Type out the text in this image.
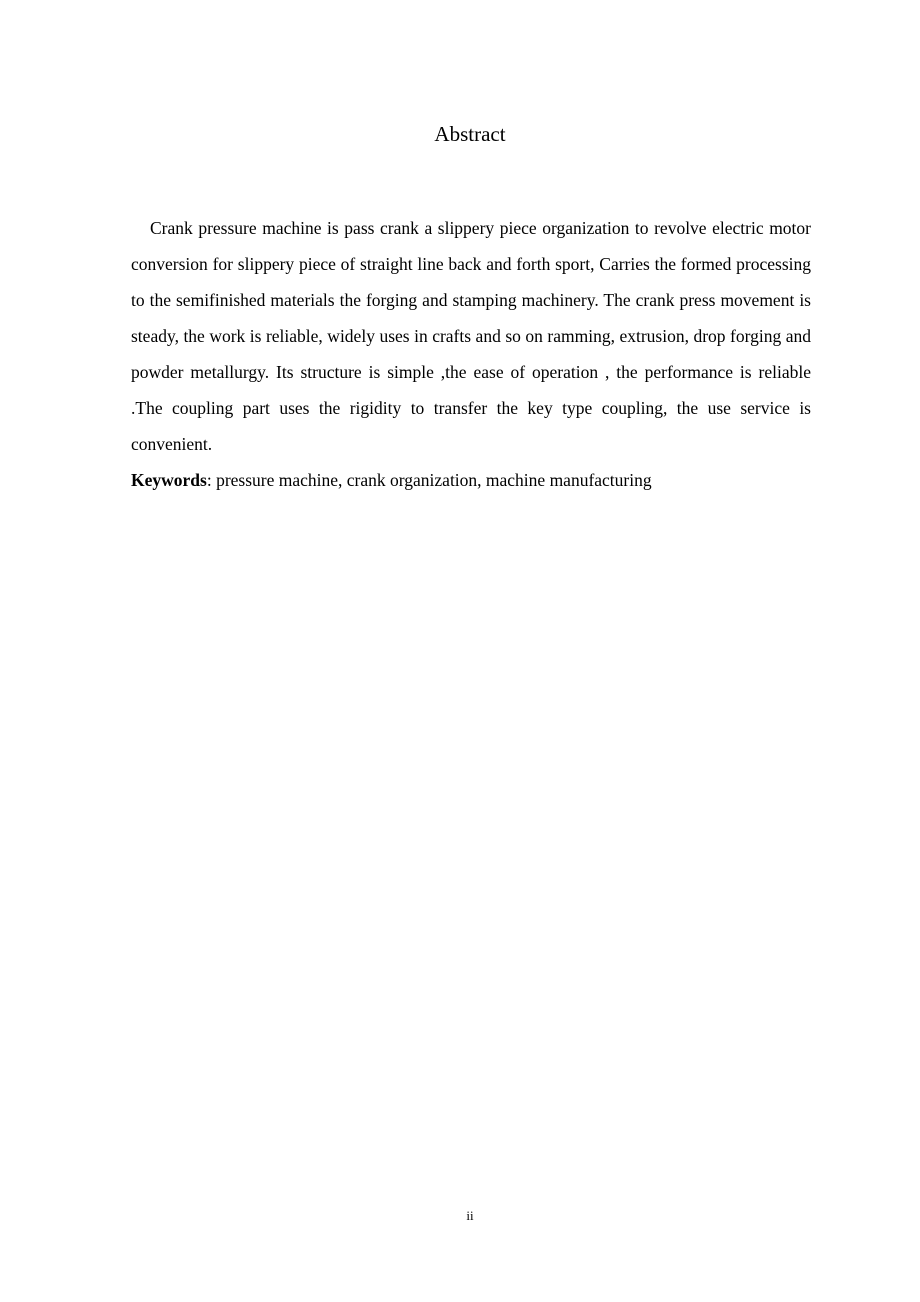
Abstract

Crank pressure machine is pass crank a slippery piece organization to revolve electric motor conversion for slippery piece of straight line back and forth sport, Carries the formed processing to the semifinished materials the forging and stamping machinery. The crank press movement is steady, the work is reliable, widely uses in crafts and so on ramming, extrusion, drop forging and powder metallurgy. Its structure is simple ,the ease of operation , the performance is reliable .The coupling part uses the rigidity to transfer the key type coupling, the use service is convenient.

Keywords: pressure machine, crank organization, machine manufacturing

ii
